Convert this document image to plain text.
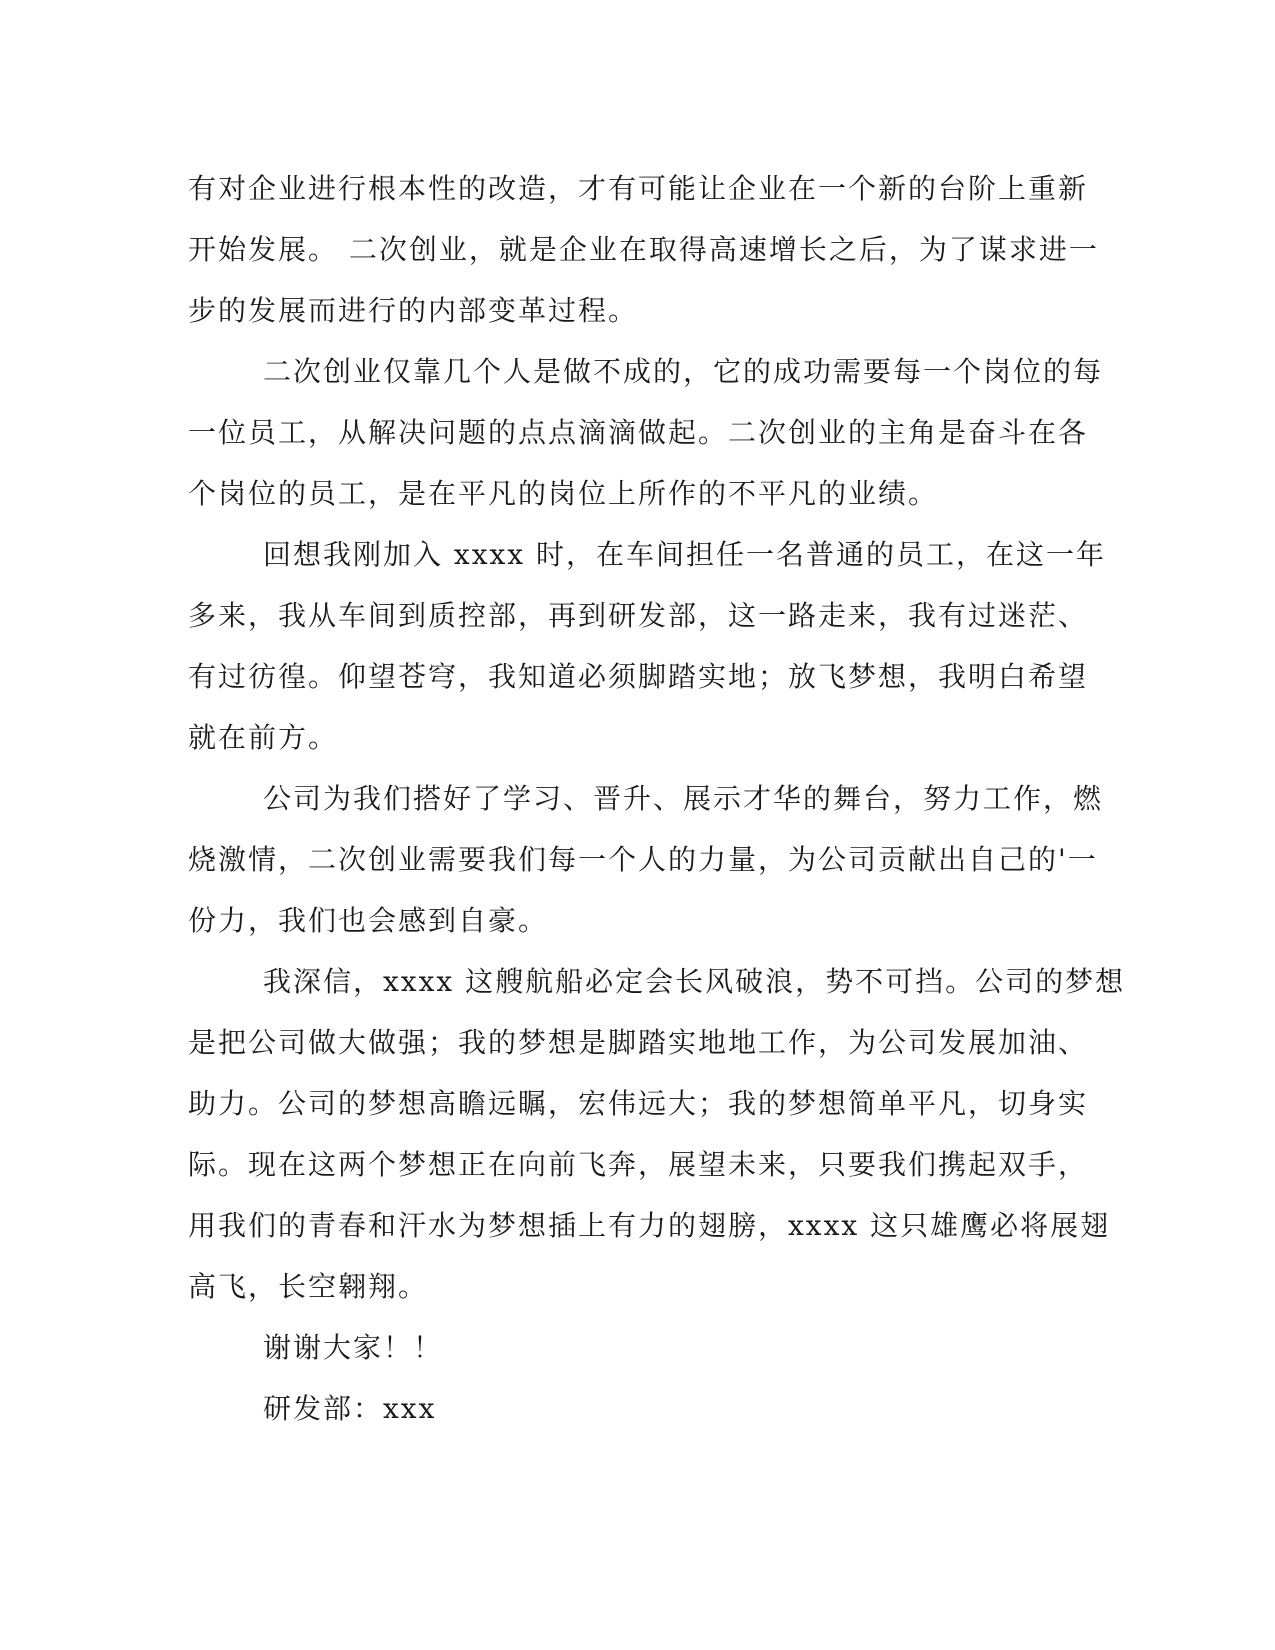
有对企业进行根本性的改造，才有可能让企业在一个新的台阶上重新
开始发展。 二次创业，就是企业在取得高速增长之后，为了谋求进一
步的发展而进行的内部变革过程。
二次创业仅靠几个人是做不成的，它的成功需要每一个岗位的每
一位员工，从解决问题的点点滴滴做起。二次创业的主角是奋斗在各
个岗位的员工，是在平凡的岗位上所作的不平凡的业绩。
回想我刚加入 xxxx 时，在车间担任一名普通的员工，在这一年
多来，我从车间到质控部，再到研发部，这一路走来，我有过迷茫、
有过彷徨。仰望苍穹，我知道必须脚踏实地；放飞梦想，我明白希望
就在前方。
公司为我们搭好了学习、晋升、展示才华的舞台，努力工作，燃
烧激情，二次创业需要我们每一个人的力量，为公司贡献出自己的'一
份力，我们也会感到自豪。
我深信，xxxx 这艘航船必定会长风破浪，势不可挡。公司的梦想
是把公司做大做强；我的梦想是脚踏实地地工作，为公司发展加油、
助力。公司的梦想高瞻远瞩，宏伟远大；我的梦想简单平凡，切身实
际。现在这两个梦想正在向前飞奔，展望未来，只要我们携起双手，
用我们的青春和汗水为梦想插上有力的翅膀，xxxx 这只雄鹰必将展翅
高飞，长空翱翔。
谢谢大家！！
研发部：xxx
